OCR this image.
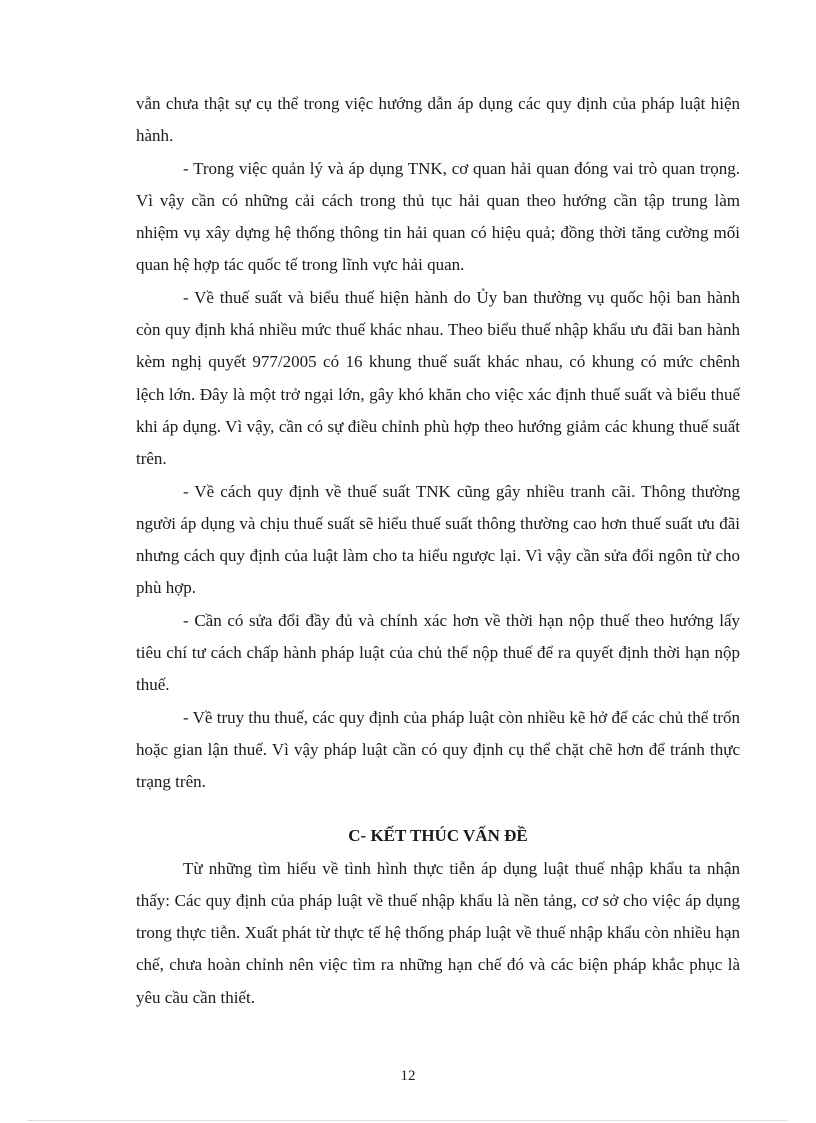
vẫn chưa thật sự cụ thể trong việc hướng dẫn áp dụng các quy định của pháp luật hiện hành.

- Trong việc quản lý và áp dụng TNK, cơ quan hải quan đóng vai trò quan trọng. Vì vậy cần có những cải cách trong thủ tục hải quan theo hướng cần tập trung làm nhiệm vụ xây dựng hệ thống thông tin hải quan có hiệu quả; đồng thời tăng cường mối quan hệ hợp tác quốc tế trong lĩnh vực hải quan.

- Về thuế suất và biểu thuế hiện hành do Ủy ban thường vụ quốc hội ban hành còn quy định khá nhiều mức thuế khác nhau. Theo biểu thuế nhập khẩu ưu đãi ban hành kèm nghị quyết 977/2005 có 16 khung thuế suất khác nhau, có khung có mức chênh lệch lớn. Đây là một trở ngại lớn, gây khó khăn cho việc xác định thuế suất và biểu thuế khi áp dụng. Vì vậy, cần có sự điều chỉnh phù hợp theo hướng giảm các khung thuế suất trên.

- Về cách quy định về thuế suất TNK cũng gây nhiều tranh cãi. Thông thường người áp dụng và chịu thuế suất sẽ hiểu thuế suất thông thường cao hơn thuế suất ưu đãi nhưng cách quy định của luật làm cho ta hiểu ngược lại. Vì vậy cần sửa đổi ngôn từ cho phù hợp.

- Cần có sửa đổi đầy đủ và chính xác hơn về thời hạn nộp thuế theo hướng lấy tiêu chí tư cách chấp hành pháp luật của chủ thể nộp thuế để ra quyết định thời hạn nộp thuế.

- Về truy thu thuế, các quy định của pháp luật còn nhiều kẽ hở để các chủ thể trốn hoặc gian lận thuế. Vì vậy pháp luật cần có quy định cụ thể chặt chẽ hơn để tránh thực trạng trên.

C- KẾT THÚC VẤN ĐỀ

Từ những tìm hiểu về tình hình thực tiễn áp dụng luật thuế nhập khẩu ta nhận thấy: Các quy định của pháp luật về thuế nhập khẩu là nền tảng, cơ sở cho việc áp dụng trong thực tiễn. Xuất phát từ thực tế hệ thống pháp luật về thuế nhập khẩu còn nhiều hạn chế, chưa hoàn chỉnh nên việc tìm ra những hạn chế đó và các biện pháp khắc phục là yêu cầu cần thiết.

12
